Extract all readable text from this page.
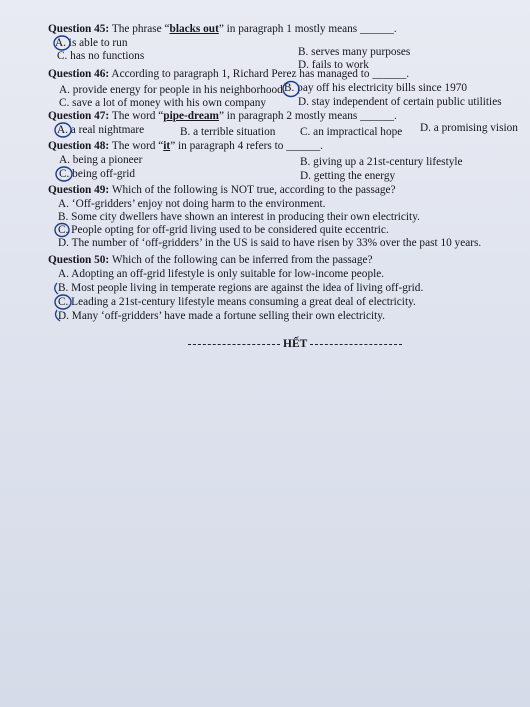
Question 45: The phrase “blacks out” in paragraph 1 mostly means ______.
A. is able to run
B. serves many purposes
C. has no functions
D. fails to work
Question 46: According to paragraph 1, Richard Perez has managed to ______.
A. provide energy for people in his neighborhood B. pay off his electricity bills since 1970
C. save a lot of money with his own company	D. stay independent of certain public utilities
Question 47: The word “pipe-dream” in paragraph 2 mostly means ______.
A. a real nightmare	B. a terrible situation C. an impractical hope D. a promising vision
Question 48: The word “it” in paragraph 4 refers to ______.
A. being a pioneer	B. giving up a 21st-century lifestyle
C. being off-grid	D. getting the energy
Question 49: Which of the following is NOT true, according to the passage?
A. ‘Off-gridders’ enjoy not doing harm to the environment.
B. Some city dwellers have shown an interest in producing their own electricity.
C. People opting for off-grid living used to be considered quite eccentric.
D. The number of ‘off-gridders’ in the US is said to have risen by 33% over the past 10 years.
Question 50: Which of the following can be inferred from the passage?
A. Adopting an off-grid lifestyle is only suitable for low-income people.
B. Most people living in temperate regions are against the idea of living off-grid.
C. Leading a 21st-century lifestyle means consuming a great deal of electricity.
D. Many ‘off-gridders’ have made a fortune selling their own electricity.
HẾT
